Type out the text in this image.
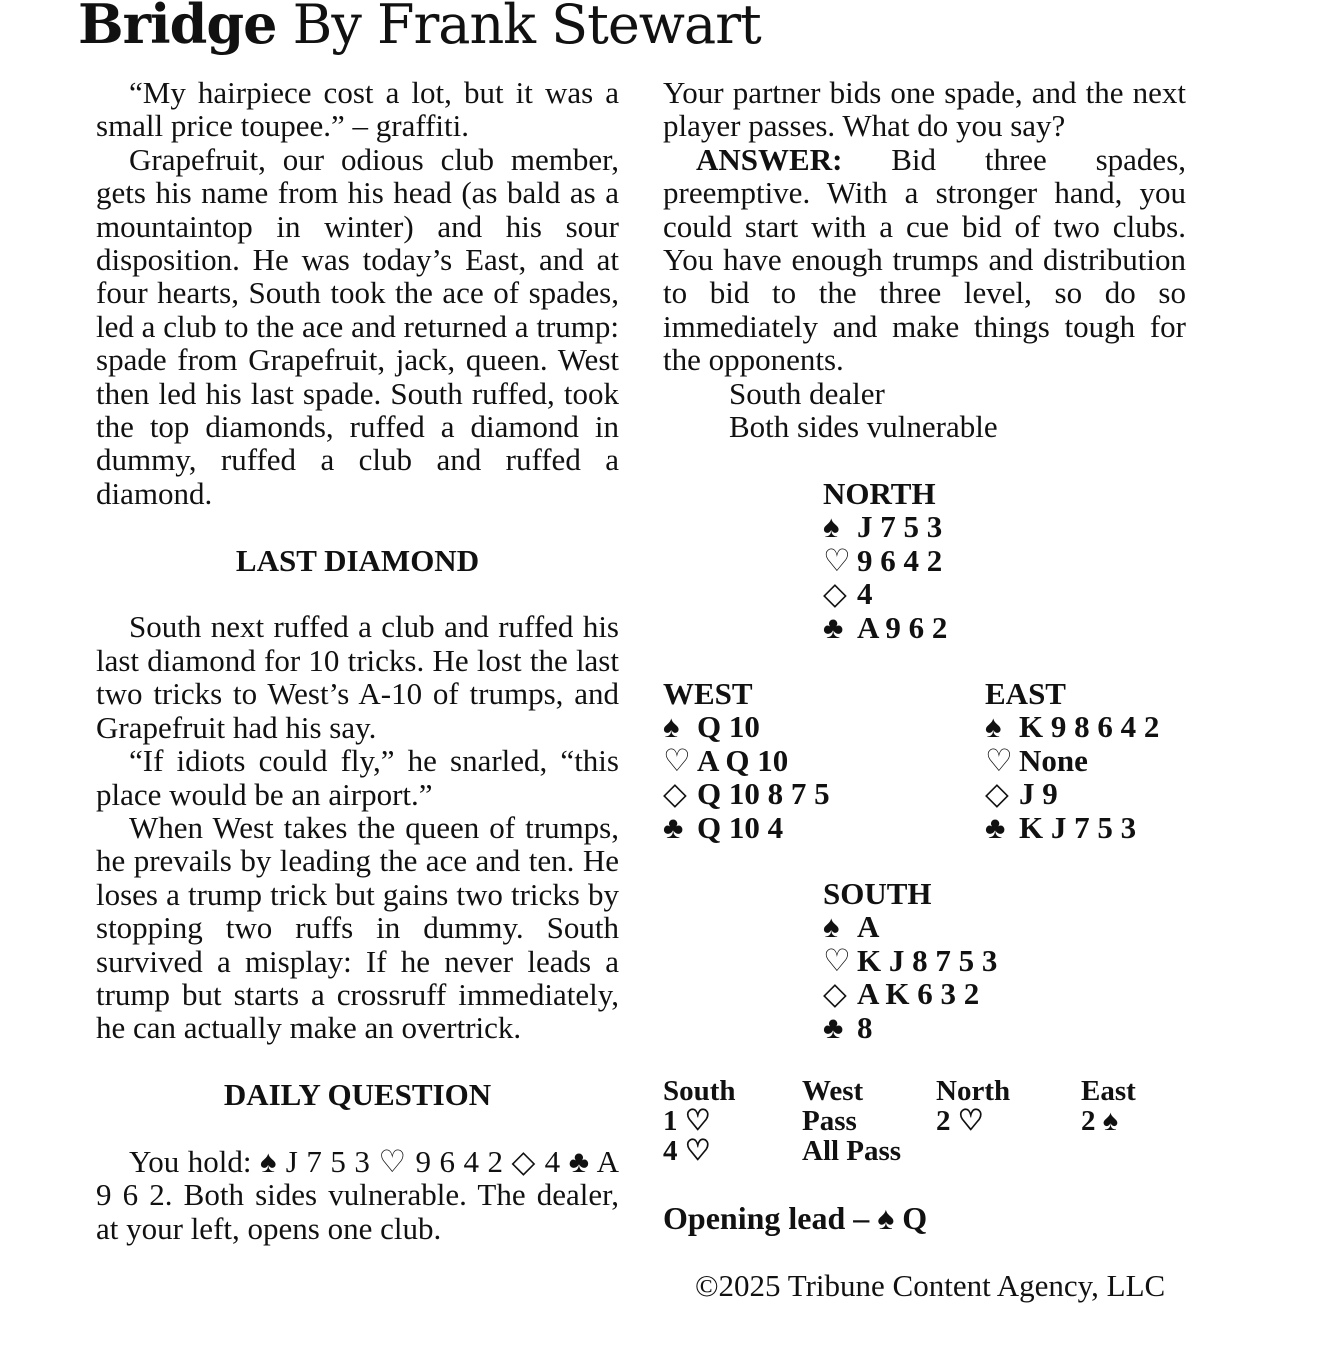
Bridge By Frank Stewart

“My hairpiece cost a lot, but it was a small price toupee.” – graffiti.

Grapefruit, our odious club member, gets his name from his head (as bald as a mountaintop in winter) and his sour disposition. He was today’s East, and at four hearts, South took the ace of spades, led a club to the ace and returned a trump: spade from Grapefruit, jack, queen. West then led his last spade. South ruffed, took the top diamonds, ruffed a diamond in dummy, ruffed a club and ruffed a diamond.

LAST DIAMOND

South next ruffed a club and ruffed his last diamond for 10 tricks. He lost the last two tricks to West’s A-10 of trumps, and Grapefruit had his say.

“If idiots could fly,” he snarled, “this place would be an airport.”

When West takes the queen of trumps, he prevails by leading the ace and ten. He loses a trump trick but gains two tricks by stopping two ruffs in dummy. South survived a misplay: If he never leads a trump but starts a crossruff immediately, he can actually make an overtrick.

DAILY QUESTION

You hold: ♠ J 7 5 3 ♡ 9 6 4 2 ◇ 4 ♣ A 9 6 2. Both sides vulnerable. The dealer, at your left, opens one club.

Your partner bids one spade, and the next player passes. What do you say?

ANSWER: Bid three spades, preemptive. With a stronger hand, you could start with a cue bid of two clubs. You have enough trumps and distribution to bid to the three level, so do so immediately and make things tough for the opponents.

South dealer

Both sides vulnerable

NORTH
♠ J 7 5 3
♡ 9 6 4 2
◇ 4
♣ A 9 6 2
WEST
♠ Q 10
♡ A Q 10
◇ Q 10 8 7 5
♣ Q 10 4
EAST
♠ K 9 8 6 4 2
♡ None
◇ J 9
♣ K J 7 5 3
SOUTH
♠ A
♡ K J 8 7 5 3
◇ A K 6 3 2
♣ 8
South West	North East
1 ♡	Pass	2 ♡	2 ♠
4 ♡	All Pass
Opening lead – ♠ Q
©2025 Tribune Content Agency, LLC
